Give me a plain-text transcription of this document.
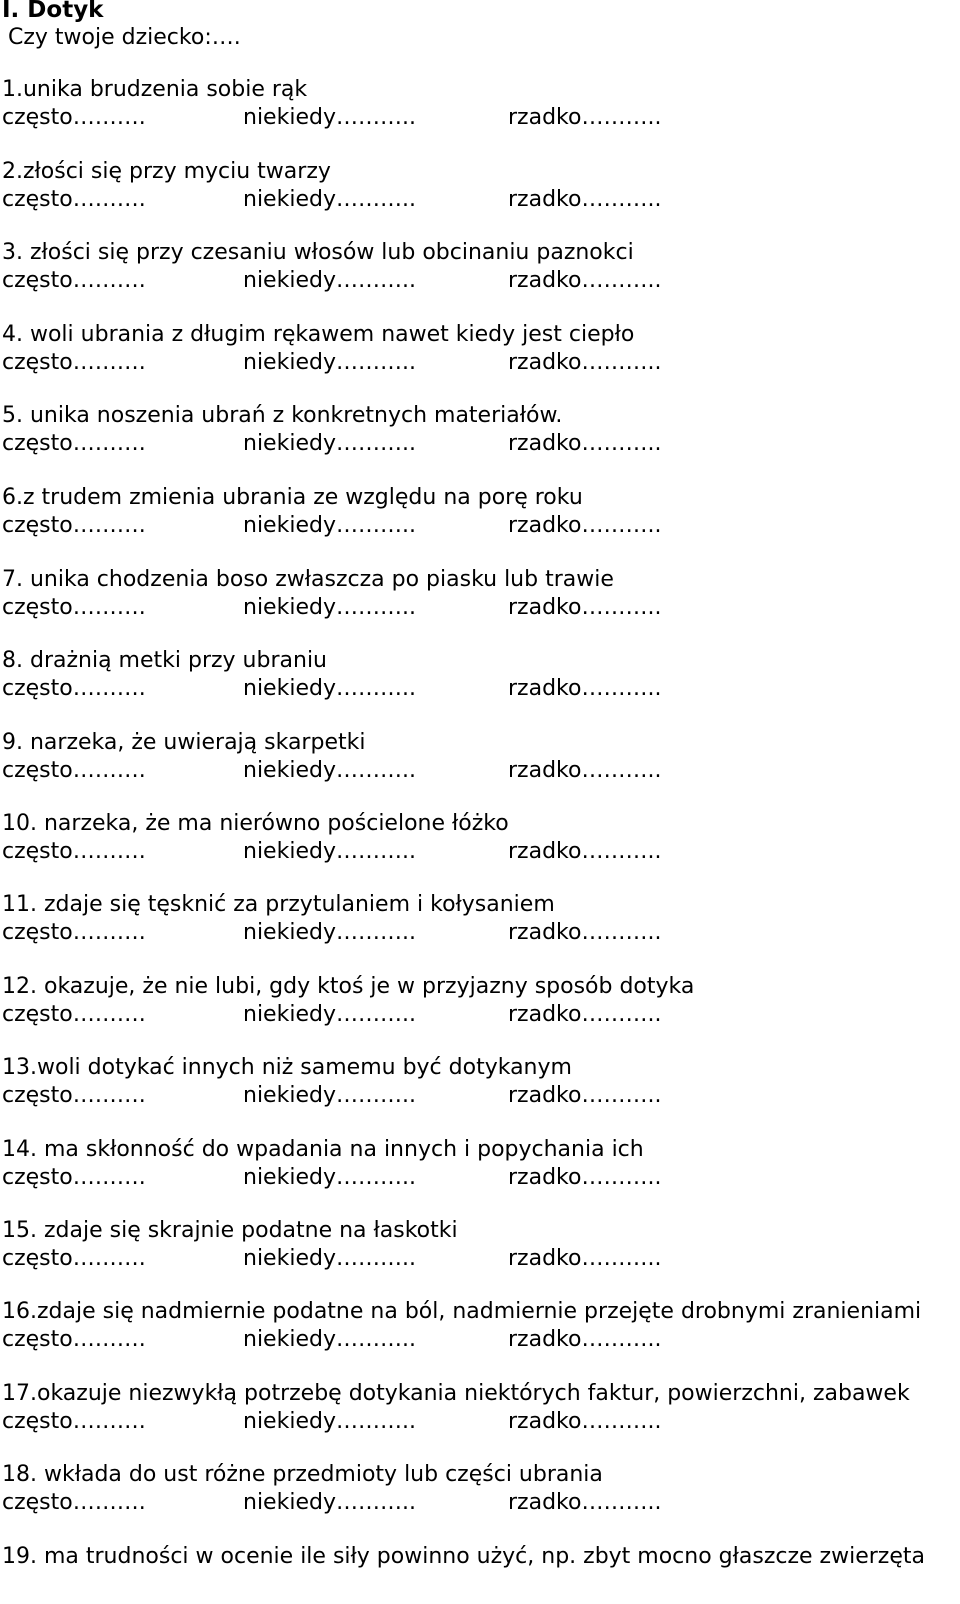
I. Dotyk
Czy twoje dziecko:….
1.unika brudzenia sobie rąk
często……….	niekiedy………..	rzadko………..
2.złości się przy myciu twarzy
często……….	niekiedy………..	rzadko………..
3. złości się przy czesaniu włosów lub obcinaniu paznokci
często……….	niekiedy………..	rzadko………..
4. woli ubrania z długim rękawem nawet kiedy jest ciepło
często……….	niekiedy………..	rzadko………..
5. unika noszenia ubrań z konkretnych materiałów.
często……….	niekiedy………..	rzadko………..
6.z trudem zmienia ubrania ze względu na porę roku
często……….	niekiedy………..	rzadko………..
7. unika chodzenia boso zwłaszcza po piasku lub trawie
często……….	niekiedy………..	rzadko………..
8. drażnią metki przy ubraniu
często……….	niekiedy………..	rzadko………..
9. narzeka, że uwierają skarpetki
często……….	niekiedy………..	rzadko………..
10. narzeka, że ma nierówno pościelone łóżko
często……….	niekiedy………..	rzadko………..
11. zdaje się tęsknić za przytulaniem i kołysaniem
często……….	niekiedy………..	rzadko………..
12. okazuje, że nie lubi, gdy ktoś je w przyjazny sposób dotyka
często……….	niekiedy………..	rzadko………..
13.woli dotykać innych niż samemu być dotykanym
często……….	niekiedy………..	rzadko………..
14. ma skłonność do wpadania na innych i popychania ich
często……….	niekiedy………..	rzadko………..
15. zdaje się skrajnie podatne na łaskotki
często……….	niekiedy………..	rzadko………..
16.zdaje się nadmiernie podatne na ból, nadmiernie przejęte drobnymi zranieniami
często……….	niekiedy………..	rzadko………..
17.okazuje niezwykłą potrzebę dotykania niektórych faktur, powierzchni, zabawek
często……….	niekiedy………..	rzadko………..
18. wkłada do ust różne przedmioty lub części ubrania
często……….	niekiedy………..	rzadko………..
19. ma trudności w ocenie ile siły powinno użyć, np. zbyt mocno głaszcze zwierzęta
